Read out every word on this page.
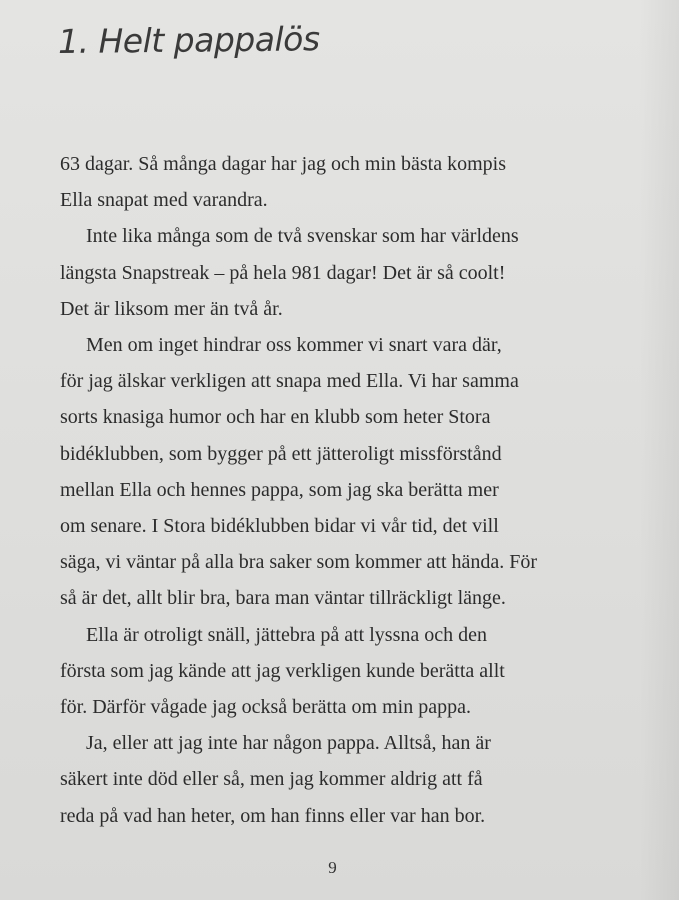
1. Helt pappalös
63 dagar. Så många dagar har jag och min bästa kompis
Ella snapat med varandra.
Inte lika många som de två svenskar som har världens
längsta Snapstreak – på hela 981 dagar! Det är så coolt!
Det är liksom mer än två år.
Men om inget hindrar oss kommer vi snart vara där,
för jag älskar verkligen att snapa med Ella. Vi har samma
sorts knasiga humor och har en klubb som heter Stora
bidéklubben, som bygger på ett jätteroligt missförstånd
mellan Ella och hennes pappa, som jag ska berätta mer
om senare. I Stora bidéklubben bidar vi vår tid, det vill
säga, vi väntar på alla bra saker som kommer att hända. För
så är det, allt blir bra, bara man väntar tillräckligt länge.
Ella är otroligt snäll, jättebra på att lyssna och den
första som jag kände att jag verkligen kunde berätta allt
för. Därför vågade jag också berätta om min pappa.
Ja, eller att jag inte har någon pappa. Alltså, han är
säkert inte död eller så, men jag kommer aldrig att få
reda på vad han heter, om han finns eller var han bor.
9
